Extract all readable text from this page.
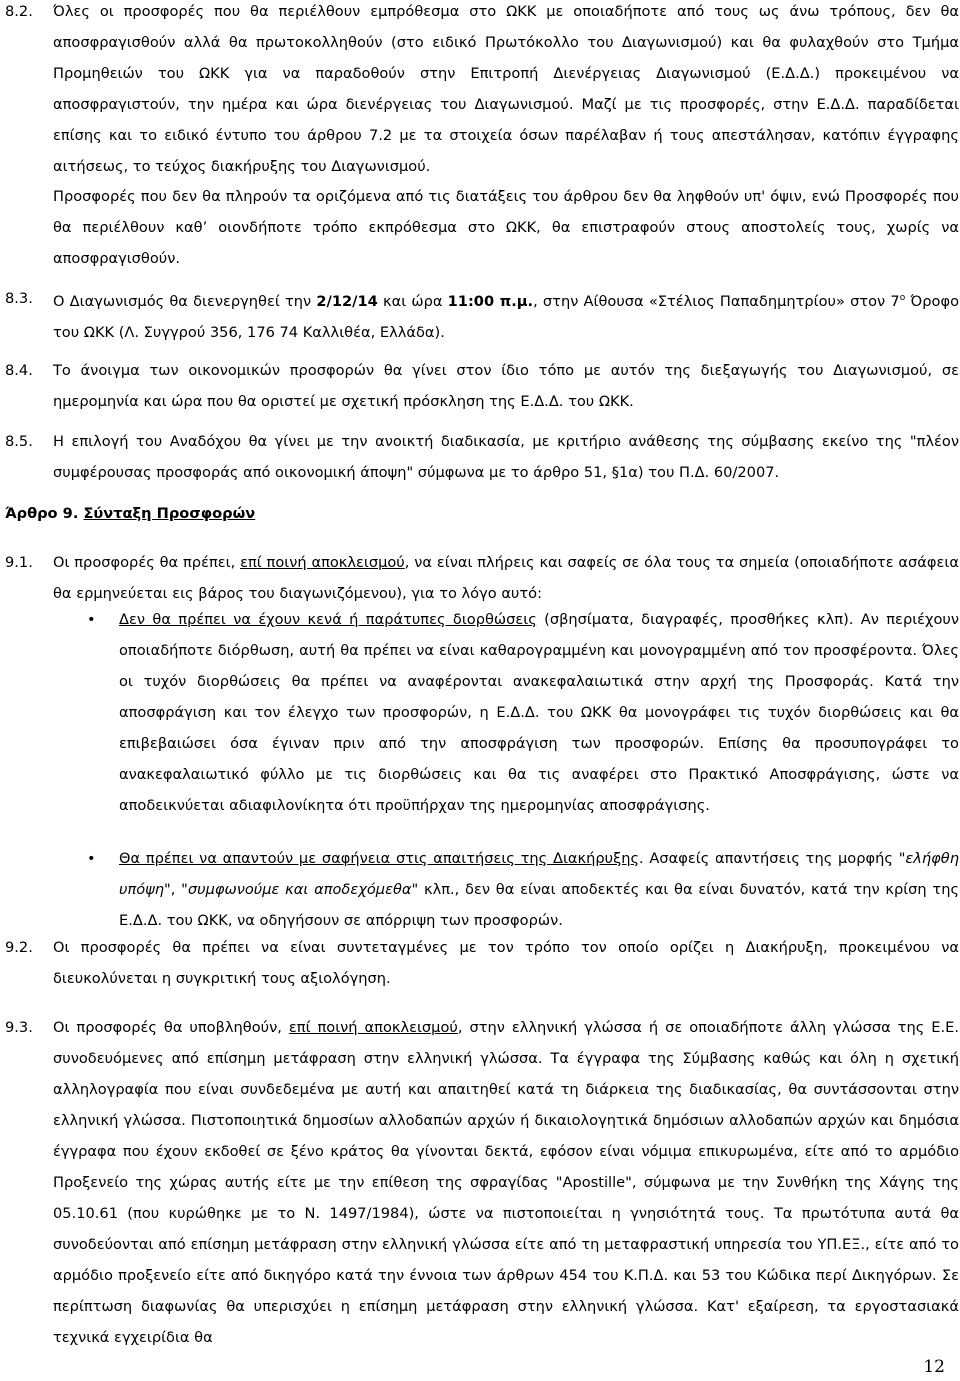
8.2. Όλες οι προσφορές που θα περιέλθουν εμπρόθεσμα στο ΩΚΚ με οποιαδήποτε από τους ως άνω τρόπους, δεν θα αποσφραγισθούν αλλά θα πρωτοκολληθούν (στο ειδικό Πρωτόκολλο του Διαγωνισμού) και θα φυλαχθούν στο Τμήμα Προμηθειών του ΩΚΚ για να παραδοθούν στην Επιτροπή Διενέργειας Διαγωνισμού (Ε.Δ.Δ.) προκειμένου να αποσφραγιστούν, την ημέρα και ώρα διενέργειας του Διαγωνισμού. Μαζί με τις προσφορές, στην Ε.Δ.Δ. παραδίδεται επίσης και το ειδικό έντυπο του άρθρου 7.2 με τα στοιχεία όσων παρέλαβαν ή τους απεστάλησαν, κατόπιν έγγραφης αιτήσεως, το τεύχος διακήρυξης του Διαγωνισμού.
Προσφορές που δεν θα πληρούν τα οριζόμενα από τις διατάξεις του άρθρου δεν θα ληφθούν υπ' όψιν, ενώ Προσφορές που θα περιέλθουν καθ’ οιονδήποτε τρόπο εκπρόθεσμα στο ΩΚΚ, θα επιστραφούν στους αποστολείς τους, χωρίς να αποσφραγισθούν.
8.3. Ο Διαγωνισμός θα διενεργηθεί την 2/12/14 και ώρα 11:00 π.μ., στην Αίθουσα «Στέλιος Παπαδημητρίου» στον $7^o$ Όροφο του ΩΚΚ (Λ. Συγγρού 356, 176 74 Καλλιθέα, Ελλάδα).
8.4. Το άνοιγμα των οικονομικών προσφορών θα γίνει στον ίδιο τόπο με αυτόν της διεξαγωγής του Διαγωνισμού, σε ημερομηνία και ώρα που θα οριστεί με σχετική πρόσκληση της Ε.Δ.Δ. του ΩΚΚ.
8.5. Η επιλογή του Αναδόχου θα γίνει με την ανοικτή διαδικασία, με κριτήριο ανάθεσης της σύμβασης εκείνο της "πλέον συμφέρουσας προσφοράς από οικονομική άποψη" σύμφωνα με το άρθρο 51, §1α) του Π.Δ. 60/2007.
Άρθρο 9. Σύνταξη Προσφορών
9.1. Οι προσφορές θα πρέπει, επί ποινή αποκλεισμού, να είναι πλήρεις και σαφείς σε όλα τους τα σημεία (οποιαδήποτε ασάφεια θα ερμηνεύεται εις βάρος του διαγωνιζόμενου), για το λόγο αυτό:
• Δεν θα πρέπει να έχουν κενά ή παράτυπες διορθώσεις (σβησίματα, διαγραφές, προσθήκες κλπ). Αν περιέχουν οποιαδήποτε διόρθωση, αυτή θα πρέπει να είναι καθαρογραμμένη και μονογραμμένη από τον προσφέροντα. Όλες οι τυχόν διορθώσεις θα πρέπει να αναφέρονται ανακεφαλαιωτικά στην αρχή της Προσφοράς. Κατά την αποσφράγιση και τον έλεγχο των προσφορών, η Ε.Δ.Δ. του ΩΚΚ θα μονογράφει τις τυχόν διορθώσεις και θα επιβεβαιώσει όσα έγιναν πριν από την αποσφράγιση των προσφορών. Επίσης θα προσυπογράφει το ανακεφαλαιωτικό φύλλο με τις διορθώσεις και θα τις αναφέρει στο Πρακτικό Αποσφράγισης, ώστε να αποδεικνύεται αδιαφιλονίκητα ότι προϋπήρχαν της ημερομηνίας αποσφράγισης.
• Θα πρέπει να απαντούν με σαφήνεια στις απαιτήσεις της Διακήρυξης. Ασαφείς απαντήσεις της μορφής "ελήφθη υπόψη", "συμφωνούμε και αποδεχόμεθα" κλπ., δεν θα είναι αποδεκτές και θα είναι δυνατόν, κατά την κρίση της Ε.Δ.Δ. του ΩΚΚ, να οδηγήσουν σε απόρριψη των προσφορών.
9.2. Οι προσφορές θα πρέπει να είναι συντεταγμένες με τον τρόπο τον οποίο ορίζει η Διακήρυξη, προκειμένου να διευκολύνεται η συγκριτική τους αξιολόγηση.
9.3. Οι προσφορές θα υποβληθούν, επί ποινή αποκλεισμού, στην ελληνική γλώσσα ή σε οποιαδήποτε άλλη γλώσσα της Ε.Ε. συνοδευόμενες από επίσημη μετάφραση στην ελληνική γλώσσα. Τα έγγραφα της Σύμβασης καθώς και όλη η σχετική αλληλογραφία που είναι συνδεδεμένα με αυτή και απαιτηθεί κατά τη διάρκεια της διαδικασίας, θα συντάσσονται στην ελληνική γλώσσα. Πιστοποιητικά δημοσίων αλλοδαπών αρχών ή δικαιολογητικά δημόσιων αλλοδαπών αρχών και δημόσια έγγραφα που έχουν εκδοθεί σε ξένο κράτος θα γίνονται δεκτά, εφόσον είναι νόμιμα επικυρωμένα, είτε από το αρμόδιο Προξενείο της χώρας αυτής είτε με την επίθεση της σφραγίδας "Apostille", σύμφωνα με την Συνθήκη της Χάγης της 05.10.61 (που κυρώθηκε με το Ν. 1497/1984), ώστε να πιστοποιείται η γνησιότητά τους. Τα πρωτότυπα αυτά θα συνοδεύονται από επίσημη μετάφραση στην ελληνική γλώσσα είτε από τη μεταφραστική υπηρεσία του ΥΠ.ΕΞ., είτε από το αρμόδιο προξενείο είτε από δικηγόρο κατά την έννοια των άρθρων 454 του Κ.Π.Δ. και 53 του Κώδικα περί Δικηγόρων. Σε περίπτωση διαφωνίας θα υπερισχύει η επίσημη μετάφραση στην ελληνική γλώσσα. Κατ' εξαίρεση, τα εργοστασιακά τεχνικά εγχειρίδια θα
12
